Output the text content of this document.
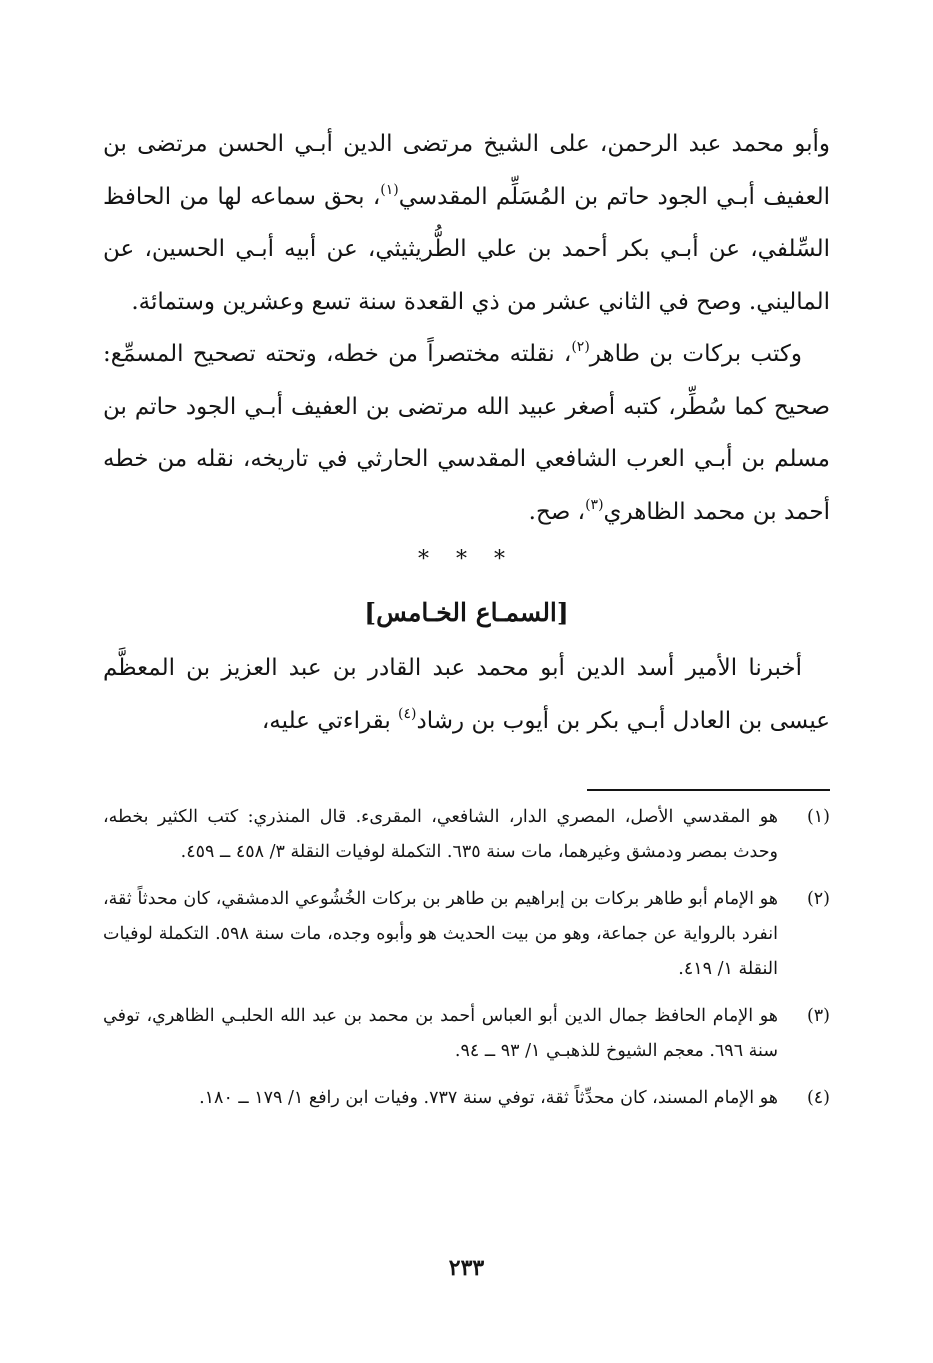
وأبو محمد عبد الرحمن، على الشيخ مرتضى الدين أبـي الحسن مرتضى بن العفيف أبـي الجود حاتم بن المُسَلِّم المقدسي$^{(١)}$، بحق سماعه لها من الحافظ السِّلفي، عن أبـي بكر أحمد بن علي الطُّريثيثي، عن أبيه أبـي الحسين، عن الماليني. وصح في الثاني عشر من ذي القعدة سنة تسع وعشرين وستمائة.

وكتب بركات بن طاهر$^{(٢)}$، نقلته مختصراً من خطه، وتحته تصحيح المسمِّع: صحيح كما سُطِّر، كتبه أصغر عبيد الله مرتضى بن العفيف أبـي الجود حاتم بن مسلم بن أبـي العرب الشافعي المقدسي الحارثي في تاريخه، نقله من خطه أحمد بن محمد الظاهري$^{(٣)}$، صح.

* * *
[السمـاع الخـامس]

أخبرنا الأمير أسد الدين أبو محمد عبد القادر بن عبد العزيز بن المعظَّم عيسى بن العادل أبـي بكر بن أيوب بن رشاد$^{(٤)}$ بقراءتي عليه،

(١)
هو المقدسي الأصل، المصري الدار، الشافعي، المقرىء. قال المنذري: كتب الكثير بخطه، وحدث بمصر ودمشق وغيرهما، مات سنة ٦٣٥. التكملة لوفيات النقلة ٣/ ٤٥٨ ــ ٤٥٩.
(٢)
هو الإمام أبو طاهر بركات بن إبراهيم بن طاهر بن بركات الخُشُوعي الدمشقي، كان محدثاً ثقة، انفرد بالرواية عن جماعة، وهو من بيت الحديث هو وأبوه وجده، مات سنة ٥٩٨. التكملة لوفيات النقلة ١/ ٤١٩.
(٣)
هو الإمام الحافظ جمال الدين أبو العباس أحمد بن محمد بن عبد الله الحلبـي الظاهري، توفي سنة ٦٩٦. معجم الشيوخ للذهبـي ١/ ٩٣ ــ ٩٤.
(٤)
هو الإمام المسند، كان محدِّثاً ثقة، توفي سنة ٧٣٧. وفيات ابن رافع ١/ ١٧٩ ــ ١٨٠.
٢٣٣
